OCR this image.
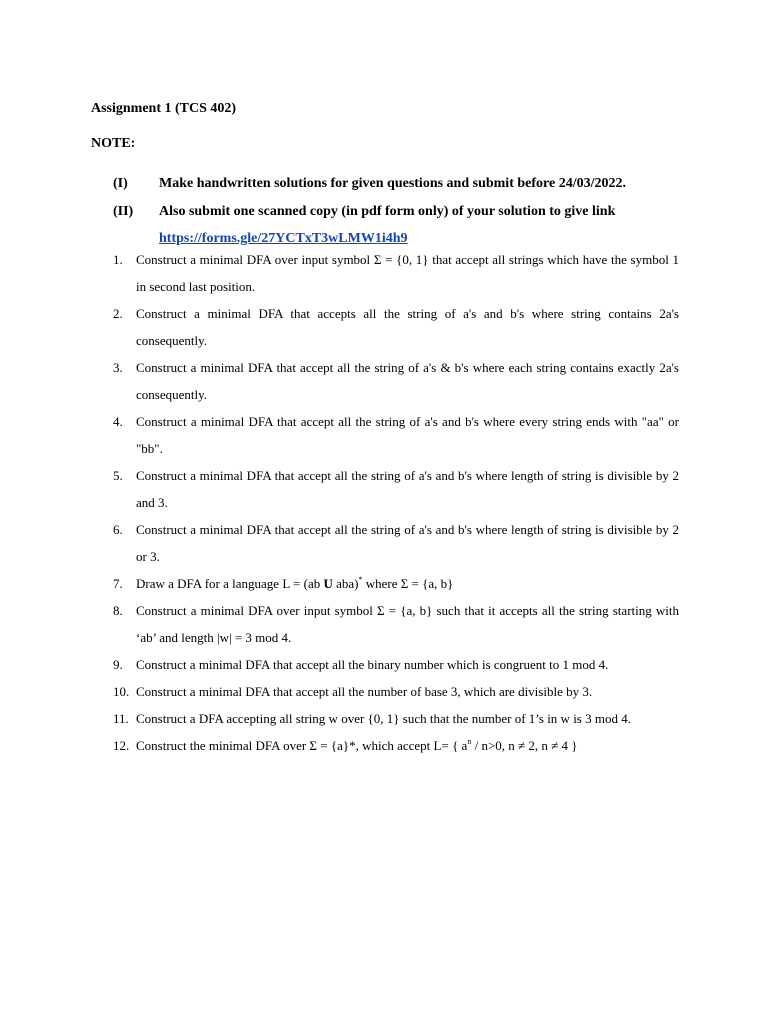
Assignment 1 (TCS 402)
NOTE:
(I)	Make handwritten solutions for given questions and submit before 24/03/2022.
(II)	Also submit one scanned copy (in pdf form only) of your solution to give link
https://forms.gle/27YCTxT3wLMW1i4h9
1.	Construct a minimal DFA over input symbol Σ = {0, 1} that accept all strings which have the symbol 1 in second last position.
2.	Construct a minimal DFA that accepts all the string of a's and b's where string contains 2a's consequently.
3.	Construct a minimal DFA that accept all the string of a's & b's where each string contains exactly 2a's consequently.
4.	Construct a minimal DFA that accept all the string of a's and b's where every string ends with "aa" or "bb".
5.	Construct a minimal DFA that accept all the string of a's and b's where length of string is divisible by 2 and 3.
6.	Construct a minimal DFA that accept all the string of a's and b's where length of string is divisible by 2 or 3.
7.	Draw a DFA for a language L = (ab U aba)* where Σ = {a, b}
8.	Construct a minimal DFA over input symbol Σ = {a, b} such that it accepts all the string starting with ‘ab’ and length |w| = 3 mod 4.
9.	Construct a minimal DFA that accept all the binary number which is congruent to 1 mod 4.
10. Construct a minimal DFA that accept all the number of base 3, which are divisible by 3.
11. Construct a DFA accepting all string w over {0, 1} such that the number of 1’s in w is 3 mod 4.
12. Construct the minimal DFA over Σ = {a}*, which accept L= { $a^n / n>0$, n ≠ 2, n ≠ 4 }
